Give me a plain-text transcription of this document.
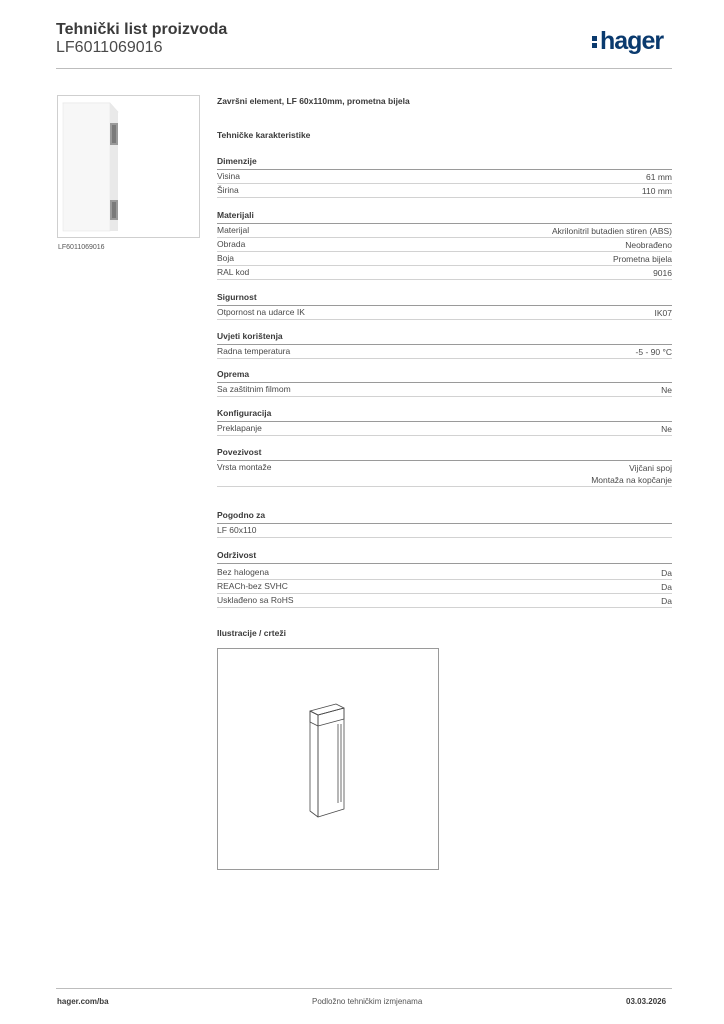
Tehnički list proizvoda
LF6011069016	hager
LF6011069016
Završni element, LF 60x110mm, prometna bijela
Tehničke karakteristike
Dimenzije
Visina	61 mm
Širina	110 mm
Materijali
Materijal	Akrilonitril butadien stiren (ABS)
Obrada	Neobrađeno
Boja	Prometna bijela
RAL kod	9016
Sigurnost
Otpornost na udarce IK	IK07
Uvjeti korištenja
Radna temperatura	-5 - 90 °C
Oprema
Sa zaštitnim filmom	Ne
Konfiguracija
Preklapanje	Ne
Povezivost
Vrsta montaže	Vijčani spoj
Montaža na kopčanje
Pogodno za
LF 60x110
Održivost
Bez halogena	Da
REACh-bez SVHC	Da
Usklađeno sa RoHS	Da
Ilustracije / crteži
hager.com/ba	Podložno tehničkim izmjenama	03.03.2026
